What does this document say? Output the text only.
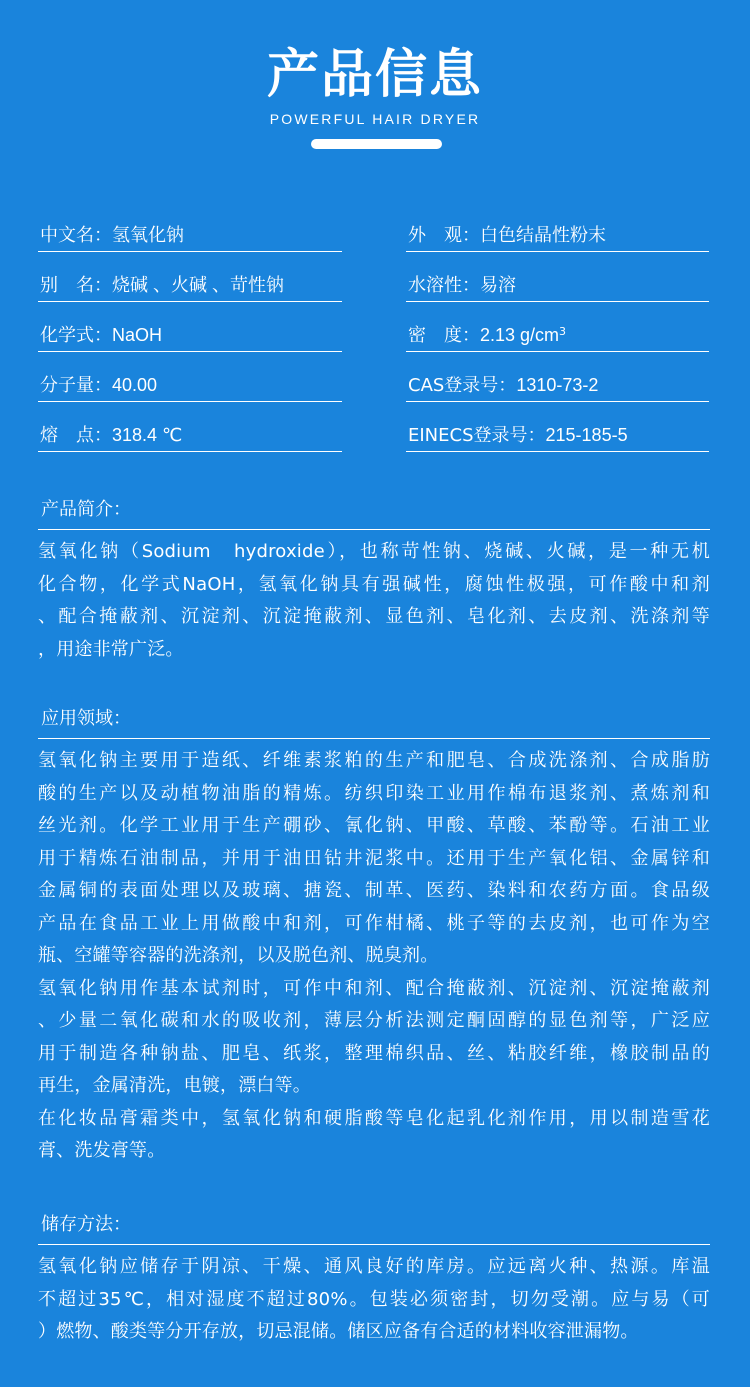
产品信息
POWERFUL HAIR DRYER
中文名：氢氧化钠
别　名：烧碱 、火碱 、苛性钠
化学式：NaOH
分子量：40.00
熔　点：318.4 ℃
外　观：白色结晶性粉末
水溶性：易溶
密　度：2.13 $g/cm^3$
CAS登录号：1310-73-2
EINECS登录号：215-185-5
产品简介：
氢氧化钠（Sodium　hydroxide），也称苛性钠、烧碱、火碱，是一种无机
化合物，化学式NaOH，氢氧化钠具有强碱性，腐蚀性极强，可作酸中和剂
、配合掩蔽剂、沉淀剂、沉淀掩蔽剂、显色剂、皂化剂、去皮剂、洗涤剂等
，用途非常广泛。
应用领域：
氢氧化钠主要用于造纸、纤维素浆粕的生产和肥皂、合成洗涤剂、合成脂肪
酸的生产以及动植物油脂的精炼。纺织印染工业用作棉布退浆剂、煮炼剂和
丝光剂。化学工业用于生产硼砂、氰化钠、甲酸、草酸、苯酚等。石油工业
用于精炼石油制品，并用于油田钻井泥浆中。还用于生产氧化铝、金属锌和
金属铜的表面处理以及玻璃、搪瓷、制革、医药、染料和农药方面。食品级
产品在食品工业上用做酸中和剂，可作柑橘、桃子等的去皮剂，也可作为空
瓶、空罐等容器的洗涤剂，以及脱色剂、脱臭剂。
氢氧化钠用作基本试剂时，可作中和剂、配合掩蔽剂、沉淀剂、沉淀掩蔽剂
、少量二氧化碳和水的吸收剂，薄层分析法测定酮固醇的显色剂等，广泛应
用于制造各种钠盐、肥皂、纸浆，整理棉织品、丝、粘胶纤维，橡胶制品的
再生，金属清洗，电镀，漂白等。
在化妆品膏霜类中，氢氧化钠和硬脂酸等皂化起乳化剂作用，用以制造雪花
膏、洗发膏等。
储存方法：
氢氧化钠应储存于阴凉、干燥、通风良好的库房。应远离火种、热源。库温
不超过35℃，相对湿度不超过80%。包装必须密封，切勿受潮。应与易（可
）燃物、酸类等分开存放，切忌混储。储区应备有合适的材料收容泄漏物。
